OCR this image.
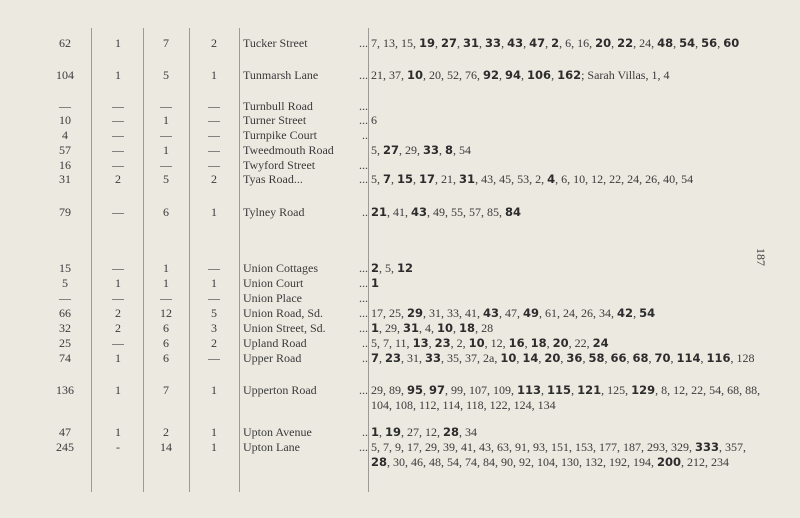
62	1	7	2	Tucker Street	... 7, 13, 15, 19, 27, 31, 33, 43, 47, 2, 6, 16, 20, 22, 24, 48, 54, 56, 60
104	1	5	1	Tunmarsh Lane	... 21, 37, 10, 20, 52, 76, 92, 94, 106, 162; Sarah Villas, 1, 4
—	—	—	—	Turnbull Road	...
10	—	1	—	Turner Street	... 6
4	—	—	—	Turnpike Court	..
57	—	1	—	Tweedmouth Road	5, 27, 29, 33, 8, 54
16	—	—	—	Twyford Street	...
31	2	5	2	Tyas Road...	... 5, 7, 15, 17, 21, 31, 43, 45, 53, 2, 4, 6, 10, 12, 22, 24, 26, 40, 54
79	—	6	1	Tylney Road	.. 21, 41, 43, 49, 55, 57, 85, 84
15	—	1	—	Union Cottages	... 2, 5, 12
5	1	1	1	Union Court	... 1
—	—	—	—	Union Place	...
66	2	12	5	Union Road, Sd.	... 17, 25, 29, 31, 33, 41, 43, 47, 49, 61, 24, 26, 34, 42, 54
32	2	6	3	Union Street, Sd.	... 1, 29, 31, 4, 10, 18, 28
25	—	6	2	Upland Road	.. 5, 7, 11, 13, 23, 2, 10, 12, 16, 18, 20, 22, 24
74	1	6	—	Upper Road	.. 7, 23, 31, 33, 35, 37, 2a, 10, 14, 20, 36, 58, 66, 68, 70, 114, 116, 128
136	1	7	1	Upperton Road	... 29, 89, 95, 97, 99, 107, 109, 113, 115, 121, 125, 129, 8, 12, 22, 54, 68, 88, 104, 108, 112, 114, 118, 122, 124, 134
47	1	2	1	Upton Avenue	.. 1, 19, 27, 12, 28, 34
245	-	14	1	Upton Lane	... 5, 7, 9, 17, 29, 39, 41, 43, 63, 91, 93, 151, 153, 177, 187, 293, 329, 333, 357, 28, 30, 46, 48, 54, 74, 84, 90, 92, 104, 130, 132, 192, 194, 200, 212, 234
187
